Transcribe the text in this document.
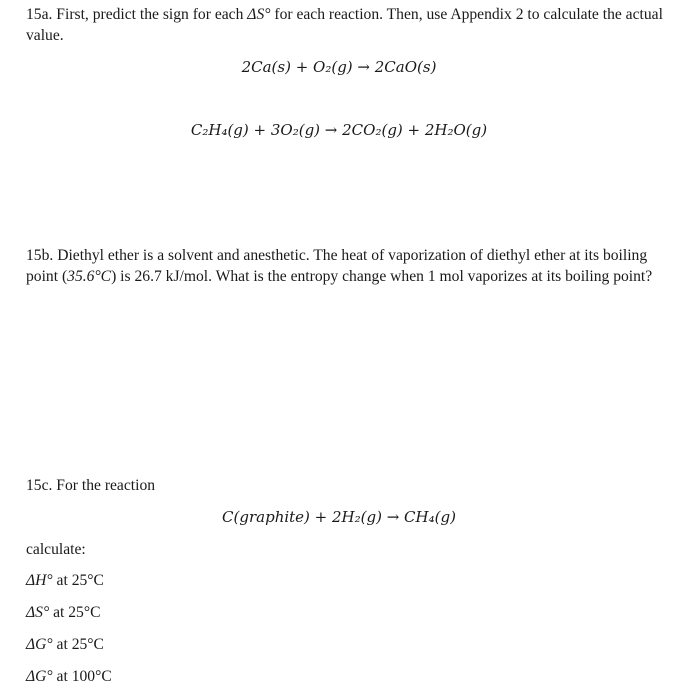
15a. First, predict the sign for each ΔS° for each reaction. Then, use Appendix 2 to calculate the actual value.
2Ca(s) + O₂(g) → 2CaO(s)
C₂H₄(g) + 3O₂(g) → 2CO₂(g) + 2H₂O(g)
15b. Diethyl ether is a solvent and anesthetic. The heat of vaporization of diethyl ether at its boiling point (35.6°C) is 26.7 kJ/mol. What is the entropy change when 1 mol vaporizes at its boiling point?
15c. For the reaction
C(graphite) + 2H₂(g) → CH₄(g)
calculate:
ΔH° at 25°C
ΔS° at 25°C
ΔG° at 25°C
ΔG° at 100°C
